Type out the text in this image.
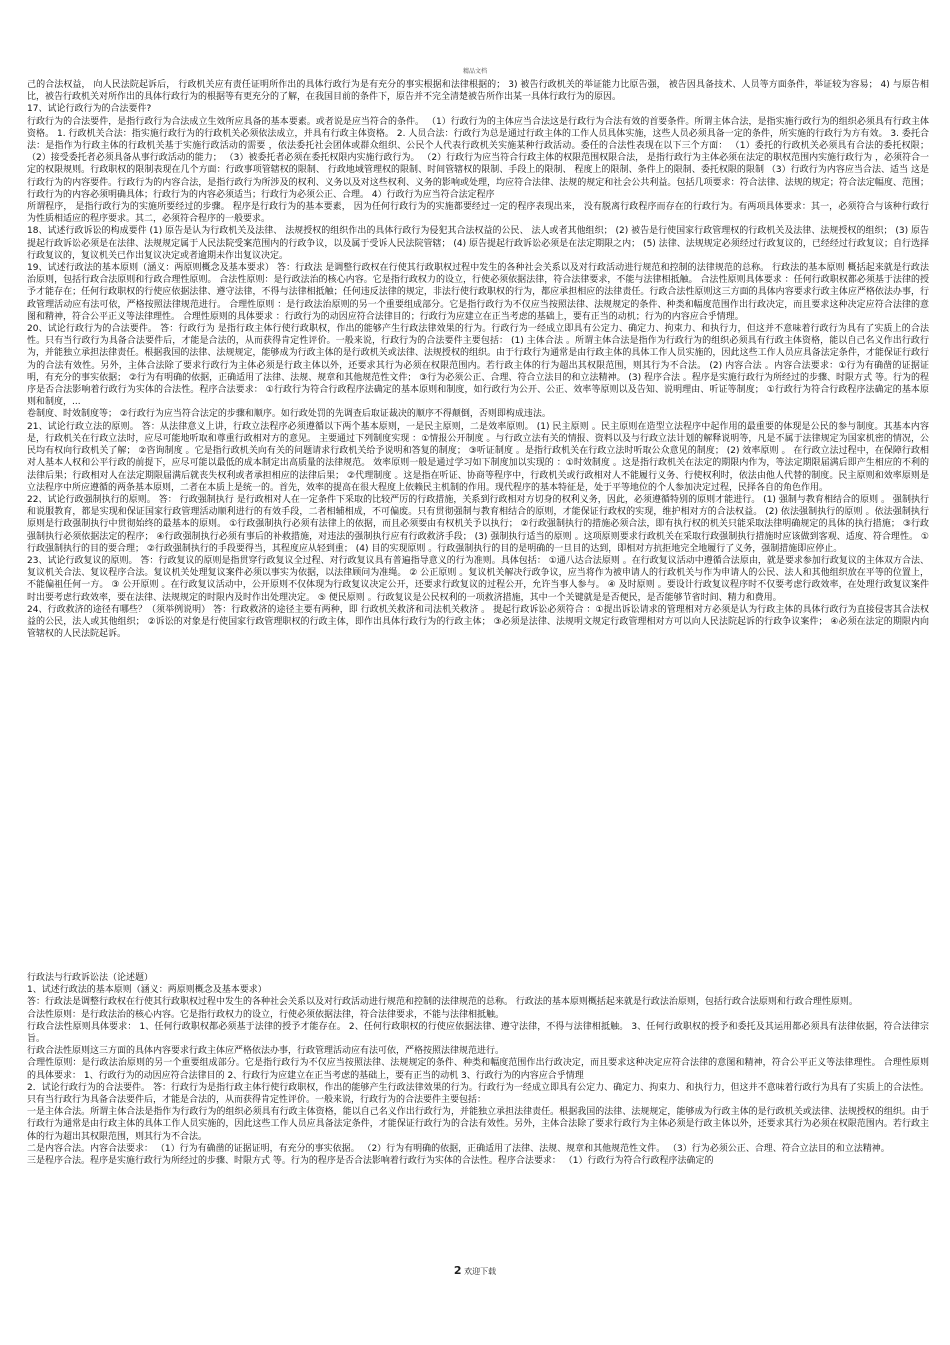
精品文档

己的合法权益， 向人民法院起诉后， 行政机关应有责任证明所作出的具体行政行为是有充分的事实根据和法律根据的； 3) 被告行政机关的举证能力比原告强， 被告因具备技术、人员等方面条件，举证较为容易； 4) 与原告相比，被告行政机关对所作出的具体行政行为的根据等有更充分的了解，在我国目前的条件下，原告并不完全清楚被告所作出某一具体行政行为的原因。

17、试论行政行为的合法要件?

行政行为的合法要件，是指行政行为合法成立生效所应具备的基本要素。或者说是应当符合的条件。 （1）行政行为的主体应当合法这是行政行为合法有效的首要条件。所谓主体合法，是指实施行政行为的组织必须具有行政主体资格。 1. 行政机关合法：指实施行政行为的行政机关必须依法成立，并具有行政主体资格。 2. 人员合法：行政行为总是通过行政主体的工作人员具体实施，这些人员必须具备一定的条件，所实施的行政行为方有效。 3. 委托合法：是指作为行政主体的行政机关基于实施行政活动的需要 ，依法委托社会团体或群众组织、公民个人代表行政机关实施某种行政活动。委任的合法性表现在以下三个方面： （1）委托的行政机关必须具有合法的委托权限； （2）接受委托者必须具备从事行政活动的能力； （3）被委托者必须在委托权限内实施行政行为。 （2）行政行为应当符合行政主体的权限范围权限合法， 是指行政行为主体必须在法定的职权范围内实施行政行为 ，必须符合一定的权限规则。行政职权的限制表现在几个方面：行政事项管辖权的限制、 行政地域管理权的限制、时间管辖权的限制、手段上的限制、 程度上的限制、条件上的限制、委托权限的限制 （3）行政行为内容应当合法、适当 这是行政行为的内容要件。行政行为的内容合法，是指行政行为所涉及的权利、义务以及对这些权利、义务的影响或处理，均应符合法律、法规的规定和社会公共利益。包括几项要求：符合法律、法规的规定；符合法定幅度、范围；行政行为的内容必须明确具体；行政行为的内容必须适当；行政行为必须公正、合理。 4）行政行为应当符合法定程序

所谓程序， 是指行政行为的实施所要经过的步骤。 程序是行政行为的基本要素， 因为任何行政行为的实施都要经过一定的程序表现出来， 没有脱离行政程序而存在的行政行为。有两项具体要求：其一，必须符合与该种行政行为性质相适应的程序要求。其二，必须符合程序的一般要求。

18、试述行政诉讼的构成要件 (1) 原告是认为行政机关及法律、 法规授权的组织作出的具体行政行为侵犯其合法权益的公民、 法人或者其他组织； (2) 被告是行使国家行政管理权的行政机关及法律、法规授权的组织； (3) 原告提起行政诉讼必须是在法律、法规规定属于人民法院受案范围内的行政争议，以及属于受诉人民法院管辖； (4) 原告提起行政诉讼必须是在法定期限之内； (5) 法律、法规规定必须经过行政复议的，已经经过行政复议；自行选择行政复议的，复议机关已作出复议决定或者逾期未作出复议决定。

19、试述行政法的基本原则（涵义：两原则概念及基本要求） 答：行政法 是调整行政权在行使其行政职权过程中发生的各种社会关系以及对行政活动进行规范和控制的法律规范的总称。 行政法的基本原则 概括起来就是行政法治原则，包括行政合法原则和行政合理性原则。 合法性原则：是行政法治的核心内容。它是指行政权力的设立，行使必须依据法律，符合法律要求，不能与法律相抵触。 合法性原则具体要求 ：任何行政职权都必须基于法律的授予才能存在；任何行政职权的行使应依据法律、遵守法律，不得与法律相抵触；任何违反法律的规定，非法行使行政职权的行为，都应承担相应的法律责任。行政合法性原则这三方面的具体内容要求行政主体应严格依法办事，行政管理活动应有法可依，严格按照法律规范进行。 合理性原则 ：是行政法治原则的另一个重要组成部分。它是指行政行为不仅应当按照法律、法规规定的条件、种类和幅度范围作出行政决定，而且要求这种决定应符合法律的意图和精神，符合公平正义等法律理性。 合理性原则的具体要求 ：行政行为的动因应符合法律目的；行政行为应建立在正当考虑的基础上，要有正当的动机；行为的内容应合乎情理。

20、试论行政行为的合法要件。 答：行政行为 是指行政主体行使行政职权，作出的能够产生行政法律效果的行为。行政行为一经成立即具有公定力、确定力、拘束力、和执行力，但这并不意味着行政行为具有了实质上的合法性。只有当行政行为具备合法要件后，才能是合法的，从而获得肯定性评价。一般来说，行政行为的合法要件主要包括： (1) 主体合法 。所谓主体合法是指作为行政行为的组织必须具有行政主体资格，能以自己名义作出行政行为，并能独立承担法律责任。根据我国的法律、法规规定，能够成为行政主体的是行政机关或法律、法规授权的组织。由于行政行为通常是由行政主体的具体工作人员实施的，因此这些工作人员应具备法定条件，才能保证行政行为的合法有效性。另外，主体合法除了要求行政行为主体必须是行政主体以外，还要求其行为必须在权限范围内。若行政主体的行为超出其权限范围，则其行为不合法。 (2) 内容合法 。内容合法要求：①行为有确凿的证据证明，有充分的事实依据； ②行为有明确的依据，正确适用了法律、法规、规章和其他规范性文件； ③行为必须公正、合理、符合立法目的和立法精神。 (3) 程序合法 。程序是实施行政行为所经过的步骤、时限方式 等。行为的程序是否合法影响着行政行为实体的合法性。程序合法要求： ①行政行为符合行政程序法确定的基本原则和制度，如行政行为公开、公正、效率等原则以及告知、说明理由、听证等制度； ①行政行为符合行政程序法确定的基本原则和制度，...

卷制度、时效制度等； ②行政行为应当符合法定的步骤和顺序。如行政处罚的先调查后取证裁决的顺序不得颠倒，否则即构成违法。

21、试论行政立法的原则。 答：从法律意义上讲，行政立法程序必须遵循以下两个基本原则，一是民主原则，二是效率原则。 (1) 民主原则 。民主原则在造型立法程序中起作用的最重要的体现是公民的参与制度。其基本内容是，行政机关在行政立法时，应尽可能地听取和尊重行政相对方的意见。 主要通过下列制度实现 ：①情报公开制度 。与行政立法有关的情报、资料以及与行政立法计划的解释说明等，凡是不属于法律规定为国家机密的情况，公民均有权向行政机关了解； ②咨询制度 。它是指行政机关向有关的问题请求行政机关给予说明和答复的制度； ③听证制度 。是指行政机关在行政立法时听取公众意见的制度； (2) 效率原则 。 在行政立法过程中，在保障行政相对人基本人权和公平行政的前提下，应尽可能以最低的成本制定出高质量的法律规范。 效率原则一般是通过学习如下制度加以实现的 ：①时效制度 。这是指行政机关在法定的期限内作为，等法定期限届满后即产生相应的不利的法律后果；行政相对人在法定期限届满后就丧失权利或者承担相应的法律后果； ②代理制度 。这是指在听证、协商等程序中，行政机关或行政相对人不能履行义务、行使权利时，依法由他人代替的制度。民主原则和效率原则是立法程序中所应遵循的两条基本原则，二者在本质上是统一的。首先，效率的提高在很大程度上依赖民主机制的作用。现代程序的基本特征是，处于平等地位的个人参加决定过程，民择各自的角色作用。

22、试论行政强制执行的原则。 答： 行政强制执行 是行政相对人在一定条件下采取的比较严厉的行政措施，关系到行政相对方切身的权利义务，因此，必须遵循特别的原则才能进行。 (1) 强制与教育相结合的原则 。 强制执行和说服教育，都是实现和保证国家行政管理活动顺利进行的有效手段，二者相辅相成，不可偏废。只有贯彻强制与教育相结合的原则，才能保证行政权的实现，维护相对方的合法权益。 (2) 依法强制执行的原则 。依法强制执行原则是行政强制执行中贯彻始终的最基本的原则。 ①行政强制执行必须有法律上的依据，而且必须要由有权机关予以执行； ②行政强制执行的措施必须合法，即有执行权的机关只能采取法律明确规定的具体的执行措施； ③行政强制执行必须依据法定的程序； ④行政强制执行必须有事后的补救措施，对违法的强制执行应有行政救济手段； (3) 强制执行适当的原则 。这项原则要求行政机关在采取行政强制执行措施时应该做到客观、适度、符合理性。 ①行政强制执行的目的要合理； ②行政强制执行的手段要得当，其程度应从轻到重； (4) 目的实现原则 。行政强制执行的目的是明确的一旦目的达到，即相对方抗拒地完全地履行了义务，强制措施即应停止。

23、试论行政复议的原则。 答：行政复议的原则是指贯穿行政复议全过程、对行政复议具有普遍指导意义的行为准则。具体包括： ①通八达合法原则 。在行政复议活动中遵循合法原由，就是要求参加行政复议的主体双方合法、复议机关合法、复议程序合法。复议机关处理复议案件必须以事实为依据，以法律顾问为准绳。 ② 公正原则 。复议机关解决行政争议，应当将作为被申请人的行政机关与作为申请人的公民、法人和其他组织放在平等的位置上，不能偏祖任何一方。 ③ 公开原则 。在行政复议活动中，公开原则不仅体现为行政复议决定公开，还要求行政复议的过程公开，允许当事人参与。 ④ 及时原则 。要设计行政复议程序时不仅要考虑行政效率，在处理行政复议案件时出要考虑行政效率，要在法律、法规规定的时限内及时作出处理决定。 ⑤ 便民原则 。行政复议是公民权利的一项救济措施，其中一个关键就是是否便民，是否能够节省时间、精力和费用。

24、行政救济的途径有哪些？（须举例说明） 答：行政救济的途径主要有两种，即 行政机关救济和司法机关救济 。 提起行政诉讼必须符合 ：①提出诉讼请求的管理相对方必须是认为行政主体的具体行政行为直接侵害其合法权益的公民，法人或其他组织； ②诉讼的对象是行使国家行政管理职权的行政主体，即作出具体行政行为的行政主体； ③必须是法律、法规明文规定行政管理相对方可以向人民法院起诉的行政争议案件； ④必须在法定的期限内向管辖权的人民法院起诉。

行政法与行政诉讼法（论述题）

1、试述行政法的基本原则（涵义：两原则概念及基本要求）

答：行政法是调整行政权在行使其行政职权过程中发生的各种社会关系以及对行政活动进行规范和控制的法律规范的总称。 行政法的基本原则概括起来就是行政法治原则，包括行政合法原则和行政合理性原则。

合法性原则：是行政法治的核心内容。它是指行政权力的设立，行使必须依据法律，符合法律要求，不能与法律相抵触。

行政合法性原则具体要求： 1、任何行政职权都必须基于法律的授予才能存在。 2、任何行政职权的行使应依据法律、遵守法律，不得与法律相抵触。 3、任何行政职权的授予和委托及其运用都必须具有法律依据，符合法律宗旨。

行政合法性原则这三方面的具体内容要求行政主体应严格依法办事，行政管理活动应有法可依，严格按照法律规范进行。

合理性原则：是行政法治原则的另一个重要组成部分。它是指行政行为不仅应当按照法律、法规规定的条件、种类和幅度范围作出行政决定，而且要求这种决定应符合法律的意图和精神，符合公平正义等法律理性。 合理性原则的具体要求： 1、行政行为的动因应符合法律目的 2、行政行为应建立在正当考虑的基础上，要有正当的动机 3、行政行为的内容应合乎情理

2．试论行政行为的合法要件。 答：行政行为是指行政主体行使行政职权，作出的能够产生行政法律效果的行为。行政行为一经成立即具有公定力、确定力、拘束力、和执行力，但这并不意味着行政行为具有了实质上的合法性。只有当行政行为具备合法要件后，才能是合法的，从而获得肯定性评价。一般来说，行政行为的合法要件主要包括：

一是主体合法。所谓主体合法是指作为行政行为的组织必须具有行政主体资格，能以自己名义作出行政行为，并能独立承担法律责任。根据我国的法律、法规规定，能够成为行政主体的是行政机关或法律、法规授权的组织。由于行政行为通常是由行政主体的具体工作人员实施的，因此这些工作人员应具备法定条件，才能保证行政行为的合法有效性。另外，主体合法除了要求行政行为主体必须是行政主体以外，还要求其行为必须在权限范围内。若行政主体的行为超出其权限范围，则其行为不合法。

二是内容合法。内容合法要求： （1）行为有确凿的证据证明，有充分的事实依据。 （2）行为有明确的依据，正确适用了法律、法规、规章和其他规范性文件。 （3）行为必须公正、合理、符合立法目的和立法精神。

三是程序合法。程序是实施行政行为所经过的步骤、时限方式 等。行为的程序是否合法影响着行政行为实体的合法性。程序合法要求： （1）行政行为符合行政程序法确定的

2 欢迎下载
